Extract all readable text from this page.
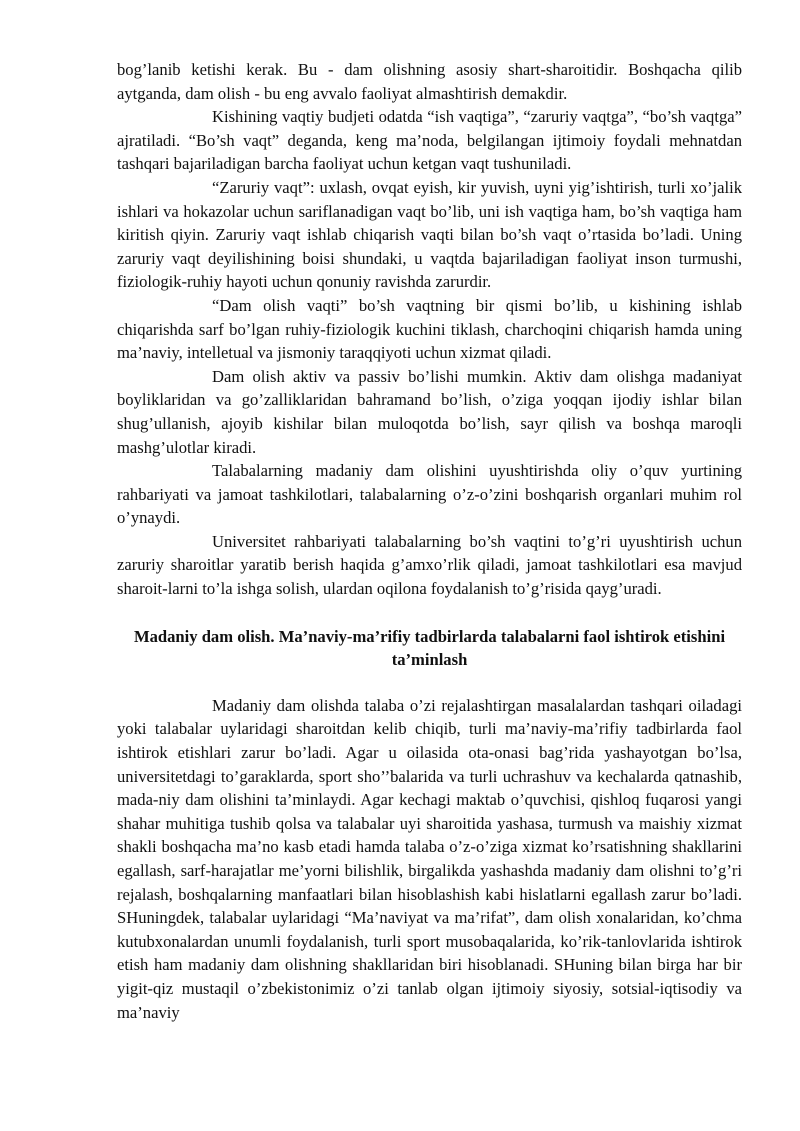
bog’lanib ketishi kerak. Bu - dam olishning asosiy shart-sharoitidir. Boshqacha qilib aytganda, dam olish - bu eng avvalo faoliyat almashtirish demakdir.

Kishining vaqtiy budjeti odatda “ish vaqtiga”, “zaruriy vaqtga”, “bo’sh vaqtga” ajratiladi. “Bo’sh vaqt” deganda, keng ma’noda, belgilangan ijtimoiy foydali mehnatdan tashqari bajariladigan barcha faoliyat uchun ketgan vaqt tushuniladi.

“Zaruriy vaqt”: uxlash, ovqat eyish, kir yuvish, uyni yig’ishtirish, turli xo’jalik ishlari va hokazolar uchun sariflanadigan vaqt bo’lib, uni ish vaqtiga ham, bo’sh vaqtiga ham kiritish qiyin. Zaruriy vaqt ishlab chiqarish vaqti bilan bo’sh vaqt o’rtasida bo’ladi. Uning zaruriy vaqt deyilishining boisi shundaki, u vaqtda bajariladigan faoliyat inson turmushi, fiziologik-ruhiy hayoti uchun qonuniy ravishda zarurdir.

“Dam olish vaqti” bo’sh vaqtning bir qismi bo’lib, u kishining ishlab chiqarishda sarf bo’lgan ruhiy-fiziologik kuchini tiklash, charchoqini chiqarish hamda uning ma’naviy, intelletual va jismoniy taraqqiyoti uchun xizmat qiladi.

Dam olish aktiv va passiv bo’lishi mumkin. Aktiv dam olishga madaniyat boyliklaridan va go’zalliklaridan bahramand bo’lish, o’ziga yoqqan ijodiy ishlar bilan shug’ullanish, ajoyib kishilar bilan muloqotda bo’lish, sayr qilish va boshqa maroqli mashg’ulotlar kiradi.

Talabalarning madaniy dam olishini uyushtirishda oliy o’quv yurtining rahbariyati va jamoat tashkilotlari, talabalarning o’z-o’zini boshqarish organlari muhim rol o’ynaydi.

Universitet rahbariyati talabalarning bo’sh vaqtini to’g’ri uyushtirish uchun zaruriy sharoitlar yaratib berish haqida g’amxo’rlik qiladi, jamoat tashkilotlari esa mavjud sharoit-larni to’la ishga solish, ulardan oqilona foydalanish to’g’risida qayg’uradi.

Madaniy dam olish. Ma’naviy-ma’rifiy tadbirlarda talabalarni faol ishtirok etishini ta’minlash

Madaniy dam olishda talaba o’zi rejalashtirgan masalalardan tashqari oiladagi yoki talabalar uylaridagi sharoitdan kelib chiqib, turli ma’naviy-ma’rifiy tadbirlarda faol ishtirok etishlari zarur bo’ladi. Agar u oilasida ota-onasi bag’rida yashayotgan bo’lsa, universitetdagi to’garaklarda, sport sho’’balarida va turli uchrashuv va kechalarda qatnashib, mada-niy dam olishini ta’minlaydi. Agar kechagi maktab o’quvchisi, qishloq fuqarosi yangi shahar muhitiga tushib qolsa va talabalar uyi sharoitida yashasa, turmush va maishiy xizmat shakli boshqacha ma’no kasb etadi hamda talaba o’z-o’ziga xizmat ko’rsatishning shakllarini egallash, sarf-harajatlar me’yorni bilishlik, birgalikda yashashda madaniy dam olishni to’g’ri rejalash, boshqalarning manfaatlari bilan hisoblashish kabi hislatlarni egallash zarur bo’ladi. SHuningdek, talabalar uylaridagi “Ma’naviyat va ma’rifat”, dam olish xonalaridan, ko’chma kutubxonalardan unumli foydalanish, turli sport musobaqalarida, ko’rik-tanlovlarida ishtirok etish ham madaniy dam olishning shakllaridan biri hisoblanadi. SHuning bilan birga har bir yigit-qiz mustaqil o’zbekistonimiz o’zi tanlab olgan ijtimoiy siyosiy, sotsial-iqtisodiy va ma’naviy
